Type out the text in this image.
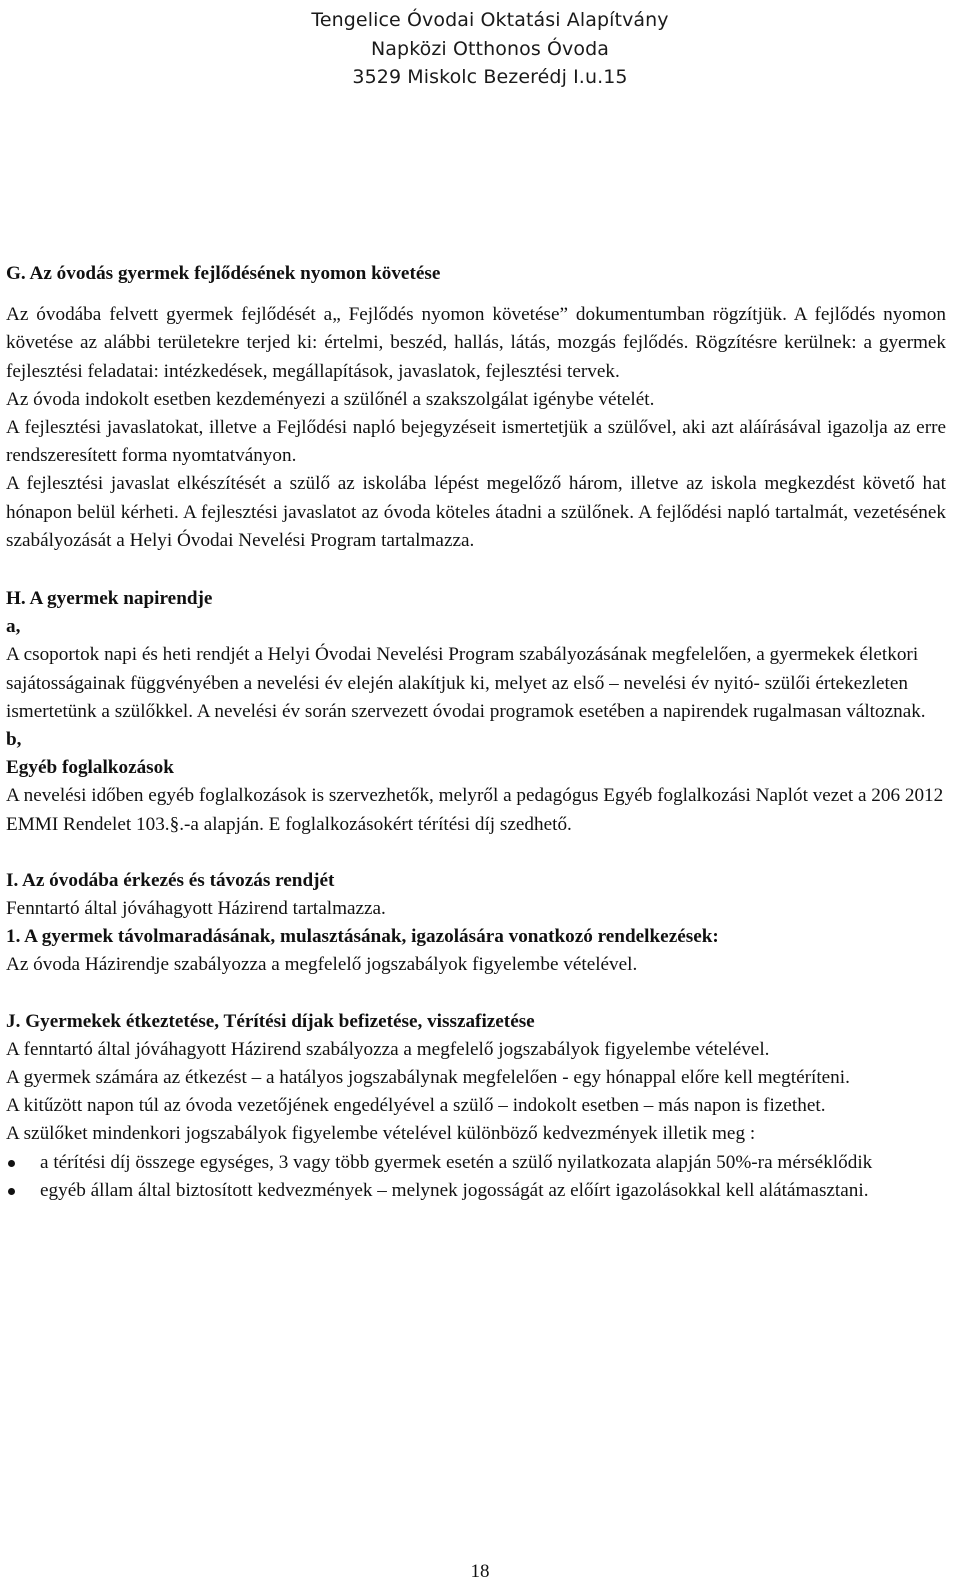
Tengelice Óvodai Oktatási Alapítvány
Napközi Otthonos Óvoda
3529 Miskolc Bezerédj I.u.15

G. Az óvodás gyermek fejlődésének nyomon követése

Az óvodába felvett gyermek fejlődését a„ Fejlődés nyomon követése” dokumentumban rögzítjük. A fejlődés nyomon követése az alábbi területekre terjed ki: értelmi, beszéd, hallás, látás, mozgás fejlődés. Rögzítésre kerülnek: a gyermek fejlesztési feladatai: intézkedések, megállapítások, javaslatok, fejlesztési tervek.

Az óvoda indokolt esetben kezdeményezi a szülőnél a szakszolgálat igénybe vételét.

A fejlesztési javaslatokat, illetve a Fejlődési napló bejegyzéseit ismertetjük a szülővel, aki azt aláírásával igazolja az erre rendszeresített forma nyomtatványon.

A fejlesztési javaslat elkészítését a szülő az iskolába lépést megelőző három, illetve az iskola megkezdést követő hat hónapon belül kérheti. A fejlesztési javaslatot az óvoda köteles átadni a szülőnek. A fejlődési napló tartalmát, vezetésének szabályozását a Helyi Óvodai Nevelési Program tartalmazza.

H. A gyermek napirendje

a,

A csoportok napi és heti rendjét a Helyi Óvodai Nevelési Program szabályozásának megfelelően, a gyermekek életkori sajátosságainak függvényében a nevelési év elején alakítjuk ki, melyet az első – nevelési év nyitó- szülői értekezleten ismertetünk a szülőkkel. A nevelési év során szervezett óvodai programok esetében a napirendek rugalmasan változnak.

b,

Egyéb foglalkozások

A nevelési időben egyéb foglalkozások is szervezhetők, melyről a pedagógus Egyéb foglalkozási Naplót vezet a 206 2012 EMMI Rendelet 103.§.-a alapján. E foglalkozásokért térítési díj szedhető.

I. Az óvodába érkezés és távozás rendjét

Fenntartó által jóváhagyott Házirend tartalmazza.

1. A gyermek távolmaradásának, mulasztásának, igazolására vonatkozó rendelkezések:

Az óvoda Házirendje szabályozza a megfelelő jogszabályok figyelembe vételével.

J. Gyermekek étkeztetése, Térítési díjak befizetése, visszafizetése

A fenntartó által jóváhagyott Házirend szabályozza a megfelelő jogszabályok figyelembe vételével.

A gyermek számára az étkezést – a hatályos jogszabálynak megfelelően - egy hónappal előre kell megtéríteni.

A kitűzött napon túl az óvoda vezetőjének engedélyével a szülő – indokolt esetben – más napon is fizethet.

A szülőket mindenkori jogszabályok figyelembe vételével különböző kedvezmények illetik meg :

a térítési díj összege egységes, 3 vagy több gyermek esetén a szülő nyilatkozata alapján 50%-ra mérséklődik
egyéb állam által biztosított kedvezmények – melynek jogosságát az előírt igazolásokkal kell alátámasztani.
18
